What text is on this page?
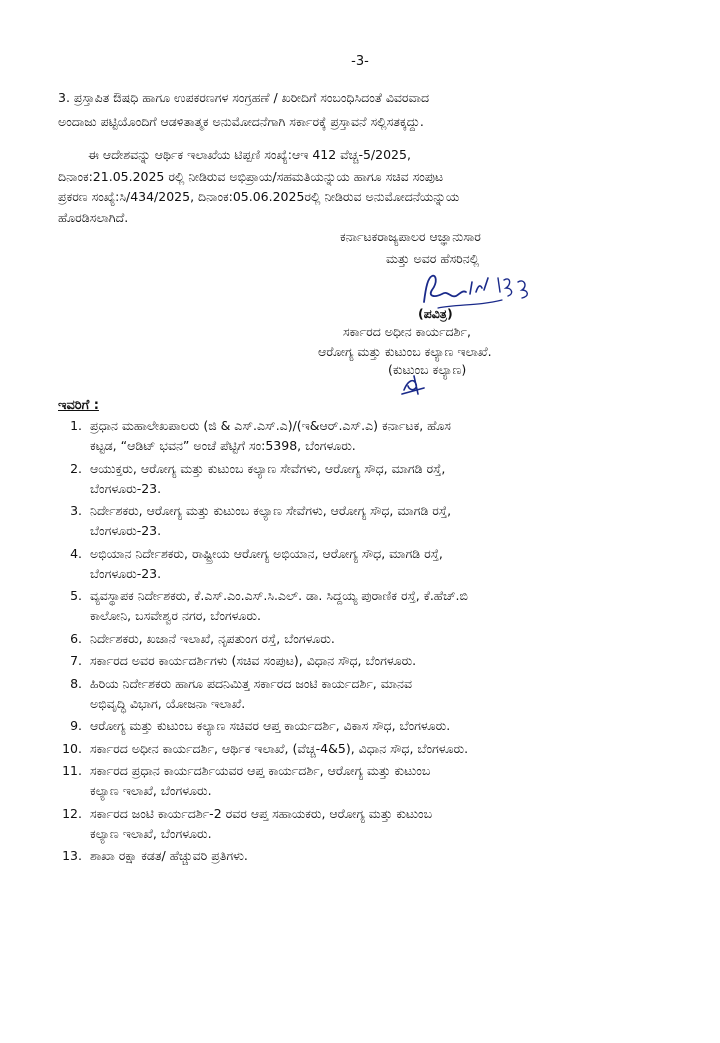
-3-
3. ಪ್ರಸ್ತಾಪಿತ ಔಷಧಿ ಹಾಗೂ ಉಪಕರಣಗಳ ಸಂಗ್ರಹಣೆ / ಖರೀದಿಗೆ ಸಂಬಂಧಿಸಿದಂತೆ ವಿವರವಾದ
ಅಂದಾಜು ಪಟ್ಟಿಯೊಂದಿಗೆ ಆಡಳಿತಾತ್ಮಕ ಅನುಮೋದನೆಗಾಗಿ ಸರ್ಕಾರಕ್ಕೆ ಪ್ರಸ್ತಾವನೆ ಸಲ್ಲಿಸತಕ್ಕದ್ದು.
ಈ ಆದೇಶವನ್ನು ಆರ್ಥಿಕ ಇಲಾಖೆಯ ಟಿಪ್ಪಣಿ ಸಂಖ್ಯೆ:ಆಇ 412 ವೆಚ್ಚ-5/2025,
ದಿನಾಂಕ:21.05.2025 ರಲ್ಲಿ ನೀಡಿರುವ ಅಭಿಪ್ರಾಯ/ಸಹಮತಿಯನ್ನುಯ ಹಾಗೂ ಸಚಿವ ಸಂಪುಟ
ಪ್ರಕರಣ ಸಂಖ್ಯೆ:ಸಿ/434/2025, ದಿನಾಂಕ:05.06.2025ರಲ್ಲಿ ನೀಡಿರುವ ಅನುಮೋದನೆಯನ್ನುಯ
ಹೊರಡಿಸಲಾಗಿದೆ.
ಕರ್ನಾಟಕರಾಜ್ಯಪಾಲರ ಆಜ್ಞಾನುಸಾರ
ಮತ್ತು ಅವರ ಹೆಸರಿನಲ್ಲಿ
(ಪವಿತ್ರ)
ಸರ್ಕಾರದ ಅಧೀನ ಕಾರ್ಯದರ್ಶಿ,
ಆರೋಗ್ಯ ಮತ್ತು ಕುಟುಂಬ ಕಲ್ಯಾಣ ಇಲಾಖೆ.
(ಕುಟುಂಬ ಕಲ್ಯಾಣ)
ಇವರಿಗೆ :
1. ಪ್ರಧಾನ ಮಹಾಲೇಖಪಾಲರು (ಜಿ & ಎಸ್.ಎಸ್.ಎ)/(ಇ&ಆರ್.ಎಸ್.ಎ) ಕರ್ನಾಟಕ, ಹೊಸ
ಕಟ್ಟಡ, “ಆಡಿಟ್ ಭವನ” ಅಂಚೆ ಪೆಟ್ಟಿಗೆ ಸಂ:5398, ಬೆಂಗಳೂರು.
2. ಆಯುಕ್ತರು, ಆರೋಗ್ಯ ಮತ್ತು ಕುಟುಂಬ ಕಲ್ಯಾಣ ಸೇವೆಗಳು, ಆರೋಗ್ಯ ಸೌಧ, ಮಾಗಡಿ ರಸ್ತೆ,
ಬೆಂಗಳೂರು-23.
3. ನಿರ್ದೇಶಕರು, ಆರೋಗ್ಯ ಮತ್ತು ಕುಟುಂಬ ಕಲ್ಯಾಣ ಸೇವೆಗಳು, ಆರೋಗ್ಯ ಸೌಧ, ಮಾಗಡಿ ರಸ್ತೆ,
ಬೆಂಗಳೂರು-23.
4. ಅಭಿಯಾನ ನಿರ್ದೇಶಕರು, ರಾಷ್ಟ್ರೀಯ ಆರೋಗ್ಯ ಅಭಿಯಾನ, ಆರೋಗ್ಯ ಸೌಧ, ಮಾಗಡಿ ರಸ್ತೆ,
ಬೆಂಗಳೂರು-23.
5. ವ್ಯವಸ್ಥಾಪಕ ನಿರ್ದೇಶಕರು, ಕೆ.ಎಸ್.ಎಂ.ಎಸ್.ಸಿ.ಎಲ್. ಡಾ. ಸಿದ್ದಯ್ಯ ಪುರಾಣಿಕ ರಸ್ತೆ, ಕೆ.ಹೆಚ್.ಬಿ
ಕಾಲೋನಿ, ಬಸವೇಶ್ವರ ನಗರ, ಬೆಂಗಳೂರು.
6. ನಿರ್ದೇಶಕರು, ಖಜಾನೆ ಇಲಾಖೆ, ನೃಪತುಂಗ ರಸ್ತೆ, ಬೆಂಗಳೂರು.
7. ಸರ್ಕಾರದ ಅವರ ಕಾರ್ಯದರ್ಶಿಗಳು (ಸಚಿವ ಸಂಪುಟ), ವಿಧಾನ ಸೌಧ, ಬೆಂಗಳೂರು.
8. ಹಿರಿಯ ನಿರ್ದೇಶಕರು ಹಾಗೂ ಪದನಿಮಿತ್ತ ಸರ್ಕಾರದ ಜಂಟಿ ಕಾರ್ಯದರ್ಶಿ, ಮಾನವ
ಅಭಿವೃದ್ಧಿ ವಿಭಾಗ, ಯೋಜನಾ ಇಲಾಖೆ.
9. ಆರೋಗ್ಯ ಮತ್ತು ಕುಟುಂಬ ಕಲ್ಯಾಣ ಸಚಿವರ ಆಪ್ತ ಕಾರ್ಯದರ್ಶಿ, ವಿಕಾಸ ಸೌಧ, ಬೆಂಗಳೂರು.
10. ಸರ್ಕಾರದ ಅಧೀನ ಕಾರ್ಯದರ್ಶಿ, ಆರ್ಥಿಕ ಇಲಾಖೆ, (ವೆಚ್ಚ-4&5), ವಿಧಾನ ಸೌಧ, ಬೆಂಗಳೂರು.
11. ಸರ್ಕಾರದ ಪ್ರಧಾನ ಕಾರ್ಯದರ್ಶಿಯವರ ಆಪ್ತ ಕಾರ್ಯದರ್ಶಿ, ಆರೋಗ್ಯ ಮತ್ತು ಕುಟುಂಬ
ಕಲ್ಯಾಣ ಇಲಾಖೆ, ಬೆಂಗಳೂರು.
12. ಸರ್ಕಾರದ ಜಂಟಿ ಕಾರ್ಯದರ್ಶಿ-2 ರವರ ಆಪ್ತ ಸಹಾಯಕರು, ಆರೋಗ್ಯ ಮತ್ತು ಕುಟುಂಬ
ಕಲ್ಯಾಣ ಇಲಾಖೆ, ಬೆಂಗಳೂರು.
13. ಶಾಖಾ ರಕ್ಷಾ ಕಡತ/ ಹೆಚ್ಚುವರಿ ಪ್ರತಿಗಳು.
